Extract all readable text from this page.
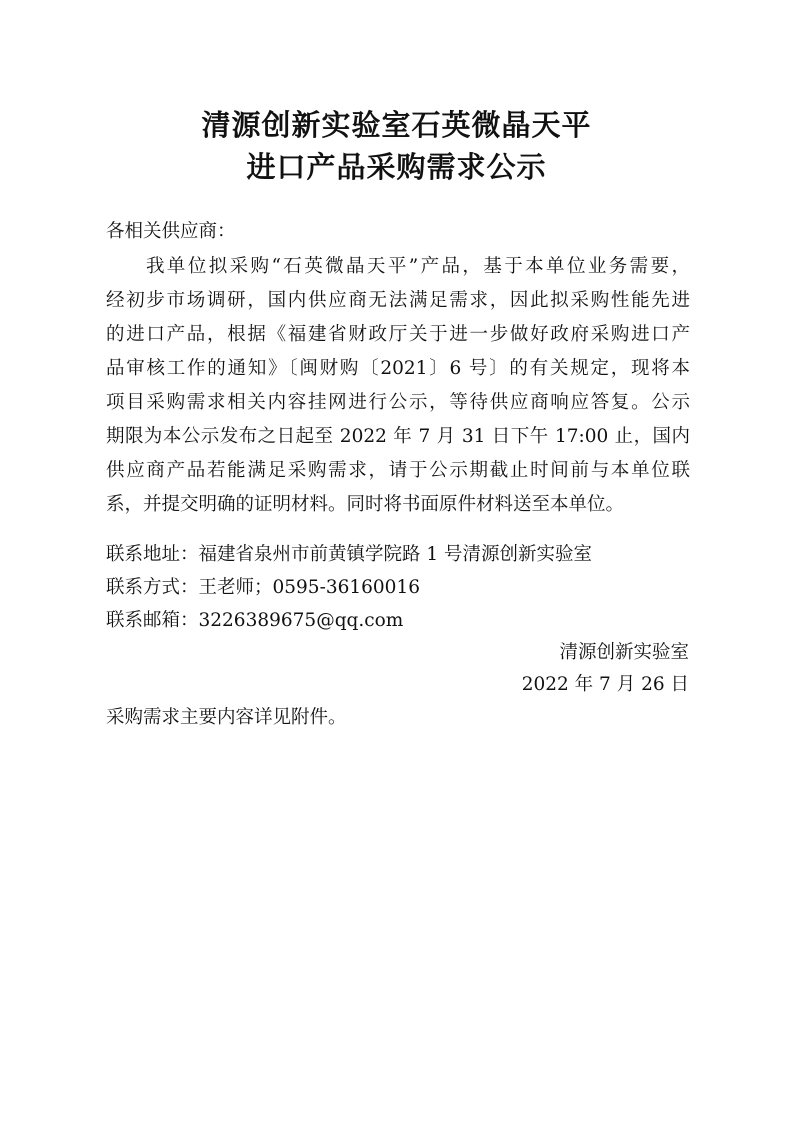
清源创新实验室石英微晶天平
进口产品采购需求公示
各相关供应商：
我单位拟采购“石英微晶天平”产品，基于本单位业务需要，
经初步市场调研，国内供应商无法满足需求，因此拟采购性能先进
的进口产品，根据《福建省财政厅关于进一步做好政府采购进口产
品审核工作的通知》〔闽财购〔2021〕6 号〕的有关规定，现将本
项目采购需求相关内容挂网进行公示，等待供应商响应答复。公示
期限为本公示发布之日起至 2022 年 7 月 31 日下午 17:00 止，国内
供应商产品若能满足采购需求，请于公示期截止时间前与本单位联
系，并提交明确的证明材料。同时将书面原件材料送至本单位。
联系地址：福建省泉州市前黄镇学院路 1 号清源创新实验室
联系方式：王老师；0595-36160016
联系邮箱：3226389675@qq.com
清源创新实验室
2022 年 7 月 26 日
采购需求主要内容详见附件。
